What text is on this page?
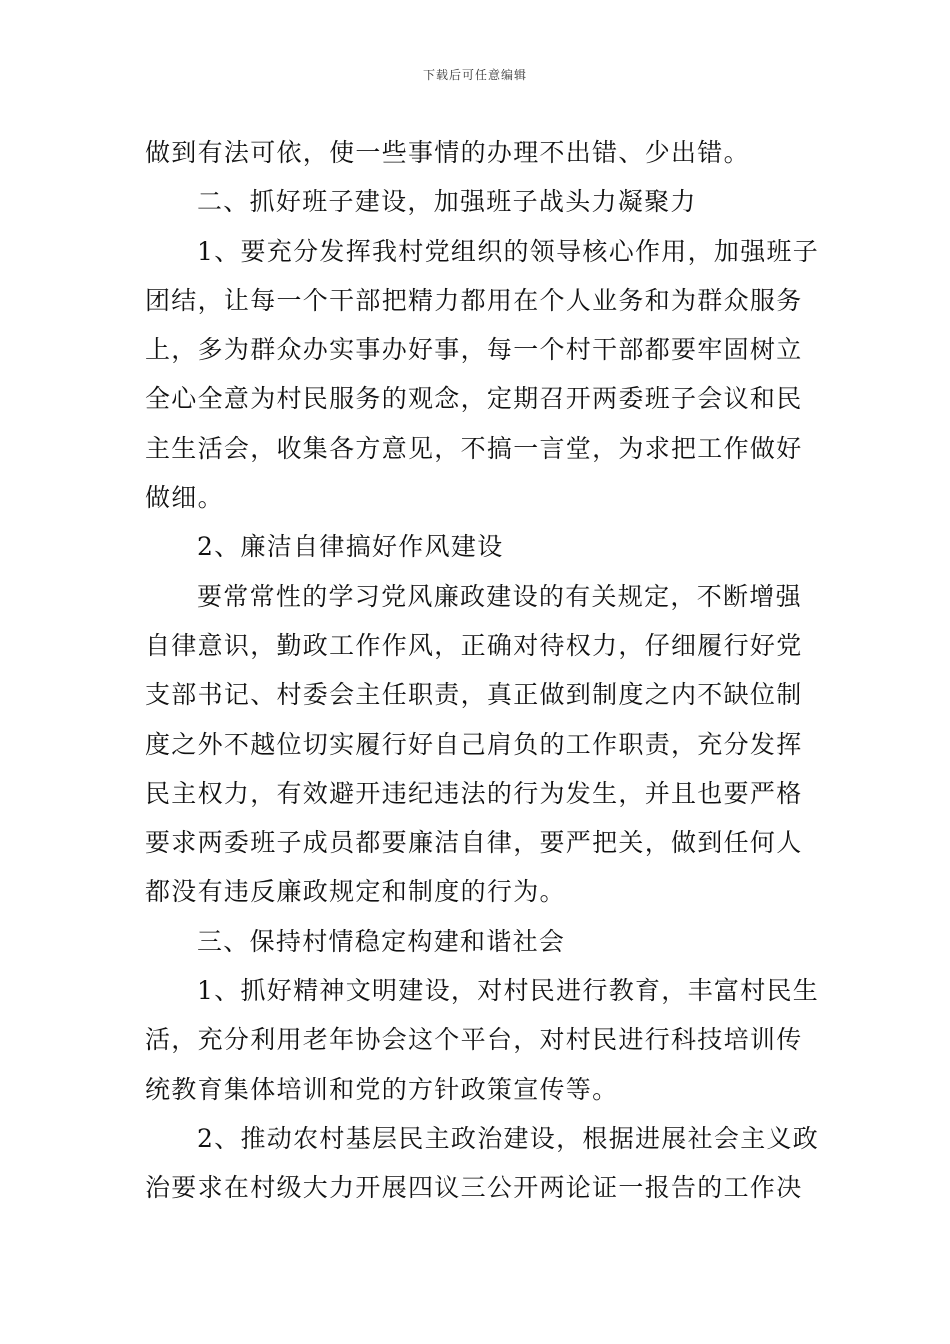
下载后可任意编辑
做到有法可依，使一些事情的办理不出错、少出错。
二、抓好班子建设，加强班子战头力凝聚力
1、要充分发挥我村党组织的领导核心作用，加强班子
团结，让每一个干部把精力都用在个人业务和为群众服务
上，多为群众办实事办好事，每一个村干部都要牢固树立
全心全意为村民服务的观念，定期召开两委班子会议和民
主生活会，收集各方意见，不搞一言堂，为求把工作做好
做细。
2、廉洁自律搞好作风建设
要常常性的学习党风廉政建设的有关规定，不断增强
自律意识，勤政工作作风，正确对待权力，仔细履行好党
支部书记、村委会主任职责，真正做到制度之内不缺位制
度之外不越位切实履行好自己肩负的工作职责，充分发挥
民主权力，有效避开违纪违法的行为发生，并且也要严格
要求两委班子成员都要廉洁自律，要严把关，做到任何人
都没有违反廉政规定和制度的行为。
三、保持村情稳定构建和谐社会
1、抓好精神文明建设，对村民进行教育，丰富村民生
活，充分利用老年协会这个平台，对村民进行科技培训传
统教育集体培训和党的方针政策宣传等。
2、推动农村基层民主政治建设，根据进展社会主义政
治要求在村级大力开展四议三公开两论证一报告的工作决
